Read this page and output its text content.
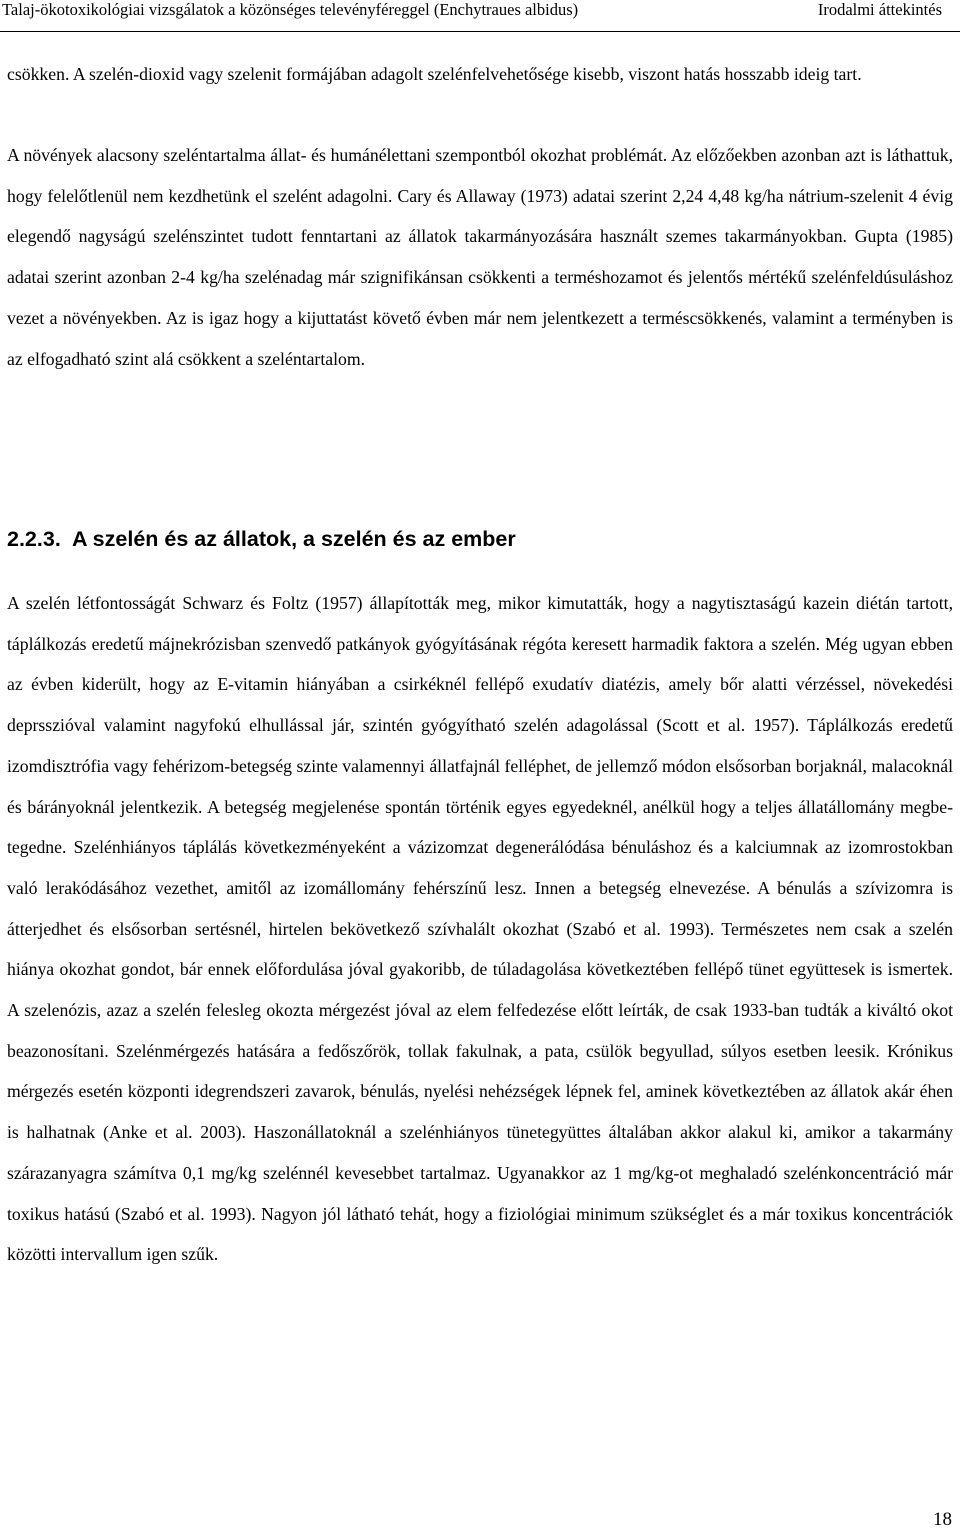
Talaj-ökotoxikológiai vizsgálatok a közönséges televényféreggel (Enchytraues albidus)	Irodalmi áttekintés

csökken. A szelén-dioxid vagy szelenit formájában adagolt szelénfelvehetősége kisebb, viszont hatás hosszabb ideig tart.

A növények alacsony szeléntartalma állat- és humánélettani szempontból okozhat problémát. Az előzőekben azonban azt is láthattuk, hogy felelőtlenül nem kezdhetünk el szelént adagolni. Cary és Allaway (1973) adatai szerint 2,24 4,48 kg/ha nátrium-szelenit 4 évig elegendő nagyságú szelénszintet tudott fenntartani az állatok takarmányozására használt szemes takarmányokban. Gupta (1985) adatai szerint azonban 2-4 kg/ha szelénadag már szignifikánsan csökkenti a terméshozamot és jelentős mértékű szelénfeldúsuláshoz vezet a növényekben. Az is igaz hogy a kijuttatást követő évben már nem jelentkezett a terméscsökkenés, valamint a terményben is az elfogadható szint alá csökkent a szeléntartalom.

2.2.3. A szelén és az állatok, a szelén és az ember

A szelén létfontosságát Schwarz és Foltz (1957) állapították meg, mikor kimutatták, hogy a nagytisztaságú kazein diétán tartott, táplálkozás eredetű májnekrózisban szenvedő patkányok gyógyításának régóta keresett harmadik faktora a szelén. Még ugyan ebben az évben kiderült, hogy az E-vitamin hiányában a csirkéknél fellépő exudatív diatézis, amely bőr alatti vérzéssel, növekedési deprsszióval valamint nagyfokú elhullással jár, szintén gyógyítható szelén adagolással (Scott et al. 1957). Táplálkozás eredetű izomdisztrófia vagy fehérizom-betegség szinte valamennyi állatfajnál felléphet, de jellemző módon elsősorban borjaknál, malacoknál és bárányoknál jelentkezik. A betegség megjelenése spontán történik egyes egyedeknél, anélkül hogy a teljes állatállomány megbetegedne. Szelénhiányos táplálás következményeként a vázizomzat degenerálódása bénuláshoz és a kalciumnak az izomrostokban való lerakódásához vezethet, amitől az izomállomány fehérszínű lesz. Innen a betegség elnevezése. A bénulás a szívizomra is átterjedhet és elsősorban sertésnél, hirtelen bekövetkező szívhalált okozhat (Szabó et al. 1993). Természetes nem csak a szelén hiánya okozhat gondot, bár ennek előfordulása jóval gyakoribb, de túladagolása következtében fellépő tünet együttesek is ismertek. A szelenózis, azaz a szelén felesleg okozta mérgezést jóval az elem felfedezése előtt leírták, de csak 1933-ban tudták a kiváltó okot beazonosítani. Szelénmérgezés hatására a fedőszőrök, tollak fakulnak, a pata, csülök begyullad, súlyos esetben leesik. Krónikus mérgezés esetén központi idegrendszeri zavarok, bénulás, nyelési nehézségek lépnek fel, aminek következtében az állatok akár éhen is halhatnak (Anke et al. 2003). Haszonállatoknál a szelénhiányos tünetegyüttes általában akkor alakul ki, amikor a takarmány szárazanyagra számítva 0,1 mg/kg szelénnél kevesebbet tartalmaz. Ugyanakkor az 1 mg/kg-ot meghaladó szelénkoncentráció már toxikus hatású (Szabó et al. 1993). Nagyon jól látható tehát, hogy a fiziológiai minimum szükséglet és a már toxikus koncentrációk közötti intervallum igen szűk.

18
